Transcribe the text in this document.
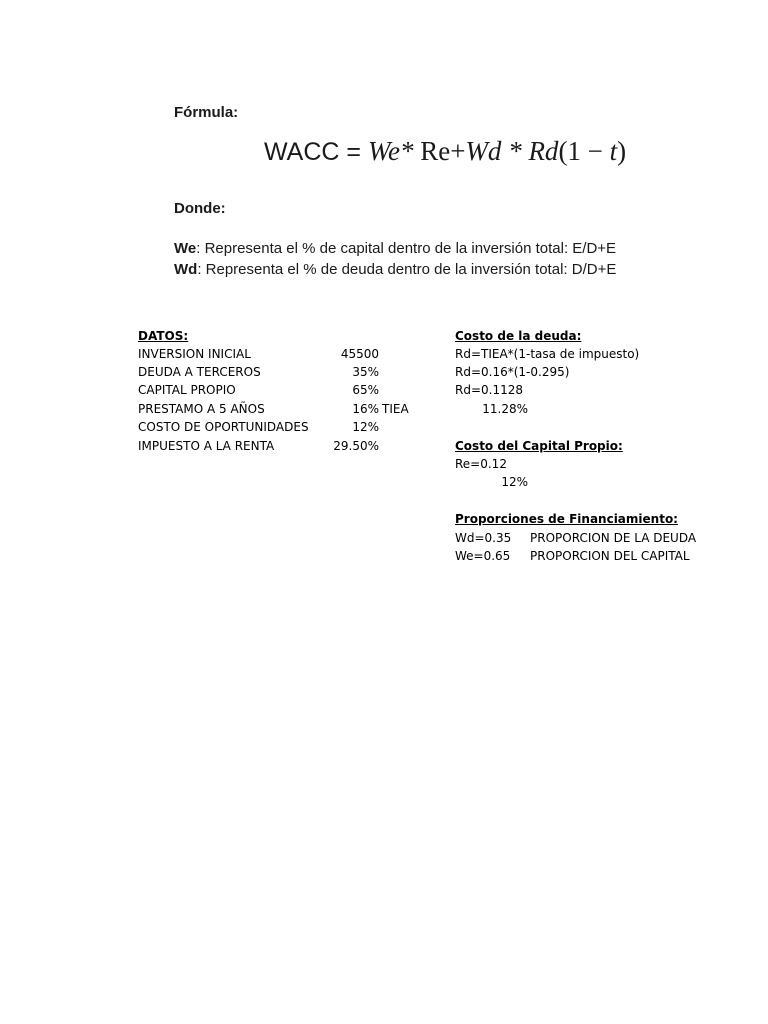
Fórmula:
WACC = We* Re+Wd * Rd(1 − t)
Donde:
We: Representa el % de capital dentro de la inversión total: E/D+E
Wd: Representa el % de deuda dentro de la inversión total: D/D+E
DATOS:
INVERSION INICIAL	45500
DEUDA A TERCEROS	35%
CAPITAL PROPIO	65%
PRESTAMO A 5 AÑOS	16% TIEA
COSTO DE OPORTUNIDADES	12%
IMPUESTO A LA RENTA	29.50%
Costo de la deuda:
Rd=TIEA*(1-tasa de impuesto)
Rd=0.16*(1-0.295)
Rd=0.1128
11.28%
Costo del Capital Propio:
Re=0.12
12%
Proporciones de Financiamiento:
Wd=0.35 PROPORCION DE LA DEUDA
We=0.65 PROPORCION DEL CAPITAL
